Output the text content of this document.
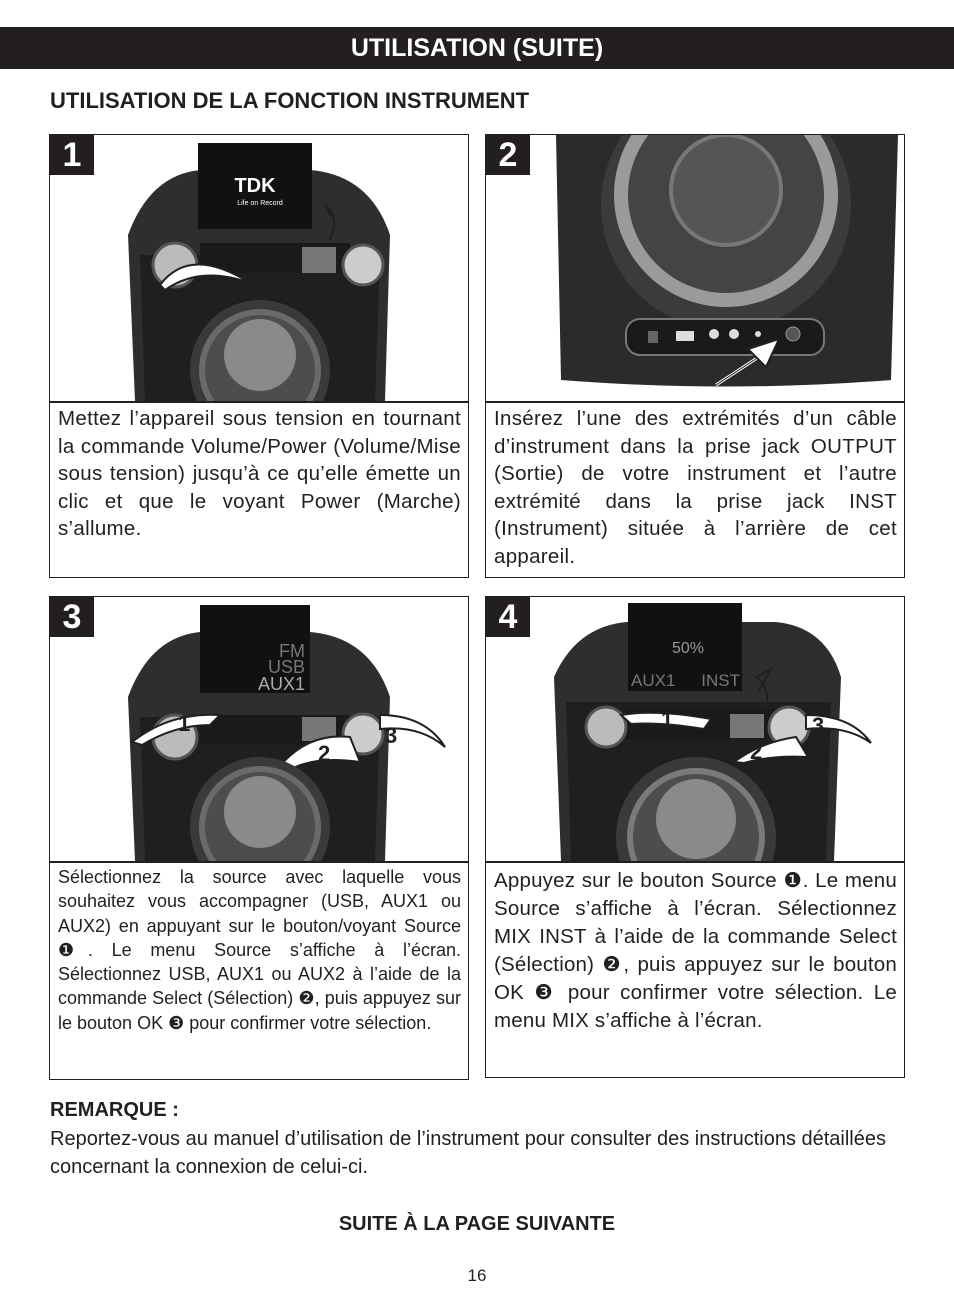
UTILISATION (SUITE)
UTILISATION DE LA FONCTION INSTRUMENT
1
TDK
Life on Record
Mettez l’appareil sous tension en tournant la commande Volume/Power (Volume/Mise sous tension) jusqu’à ce qu’elle émette un clic et que le voyant Power (Marche) s’allume.
2
Insérez l’une des extrémités d’un câble d’instrument dans la prise jack OUTPUT (Sortie) de votre instrument et l’autre extrémité dans la prise jack INST (Instrument) située à l’arrière de cet appareil.
3
FM
USB
AUX1
1
2
3
Sélectionnez la source avec laquelle vous souhaitez vous accompagner (USB, AUX1 ou AUX2) en appuyant sur le bouton/voyant Source ❶. Le menu Source s’affiche à l’écran. Sélectionnez USB, AUX1 ou AUX2 à l’aide de la commande Select (Sélection) ❷, puis appuyez sur le bouton OK ❸ pour confirmer votre sélection.
4
50%
AUX1 INST
1
2
3
Appuyez sur le bouton Source ❶. Le menu Source s’affiche à l’écran. Sélectionnez MIX INST à l’aide de la commande Select (Sélection) ❷, puis appuyez sur le bouton OK ❸ pour confirmer votre sélection. Le menu MIX s’affiche à l’écran.
REMARQUE :
Reportez-vous au manuel d’utilisation de l’instrument pour consulter des instructions détaillées concernant la connexion de celui-ci.
SUITE À LA PAGE SUIVANTE
16
